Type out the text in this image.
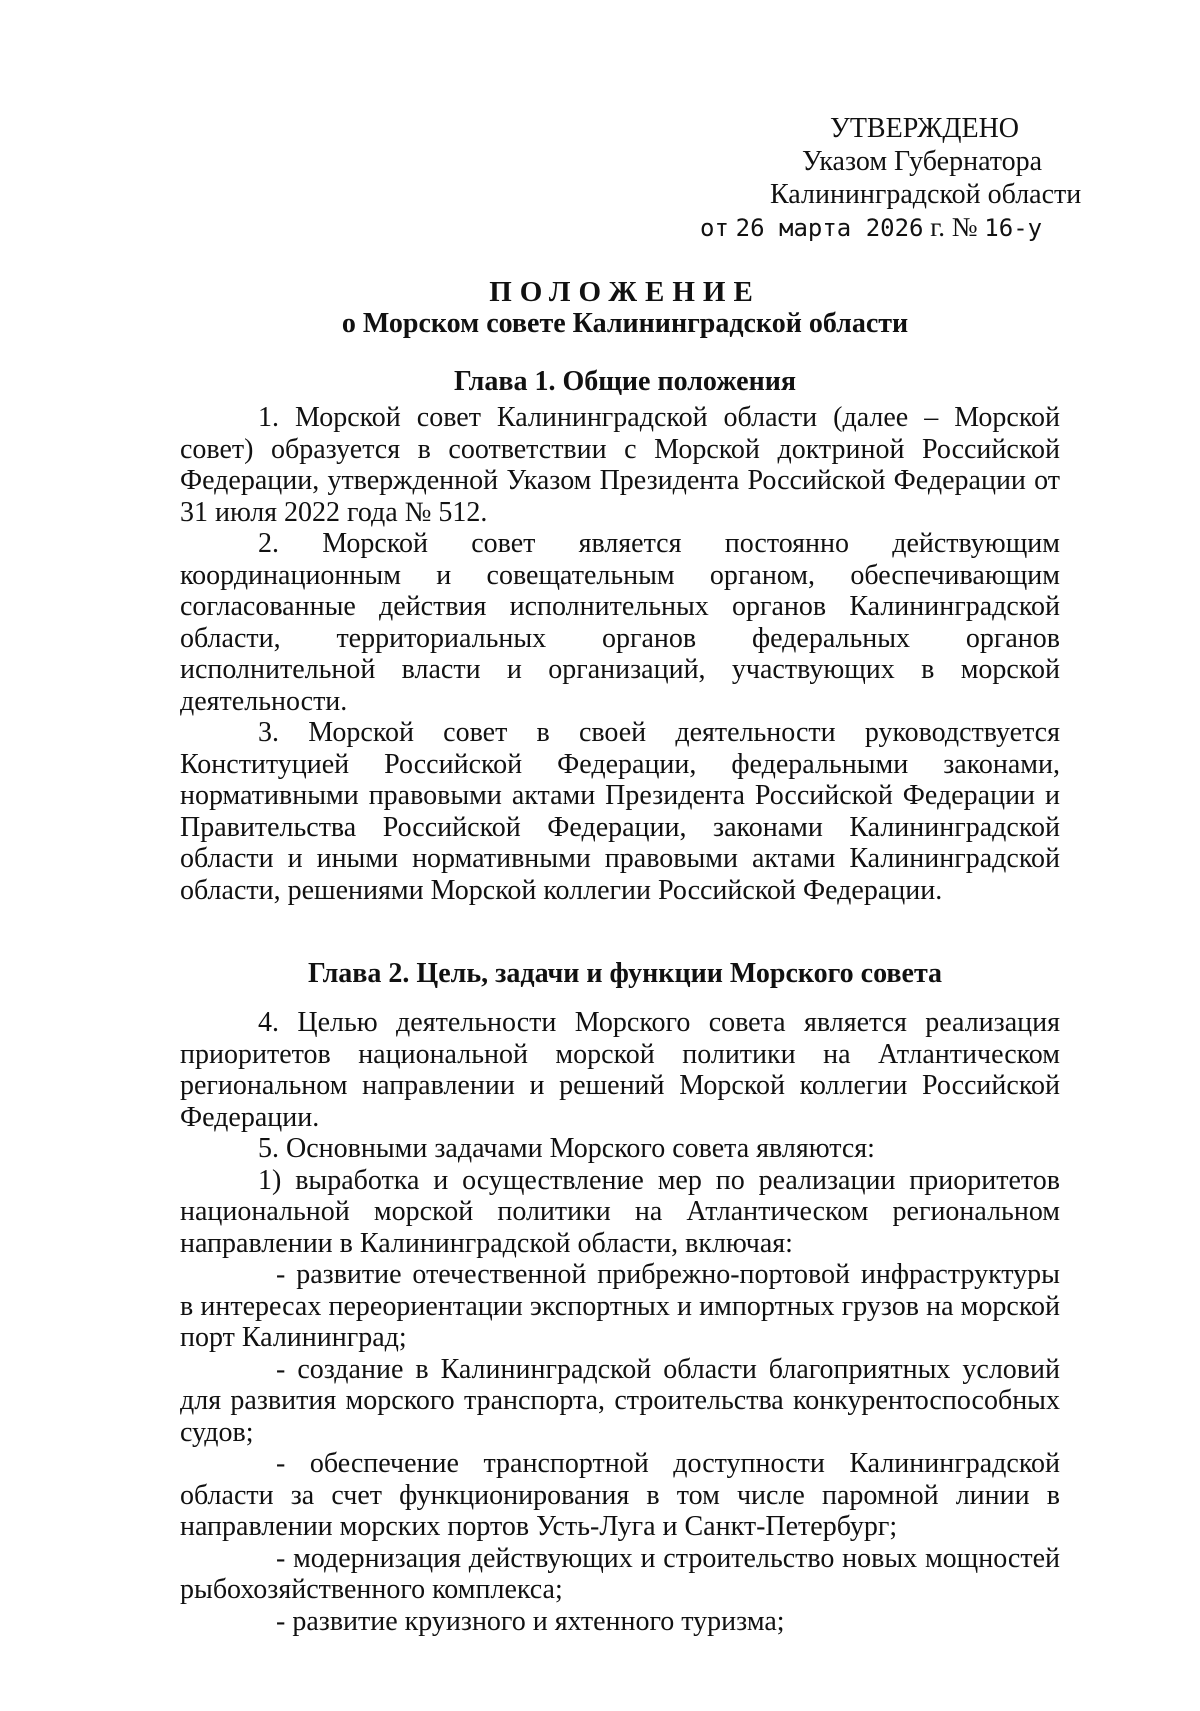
УТВЕРЖДЕНО
Указом Губернатора
Калининградской области
от 26 марта 2026 г. № 16-у
ПОЛОЖЕНИЕ
о Морском совете Калининградской области
Глава 1. Общие положения

1. Морской совет Калининградской области (далее – Морской совет) образуется в соответствии с Морской доктриной Российской Федерации, утвержденной Указом Президента Российской Федерации от 31 июля 2022 года № 512.

2. Морской совет является постоянно действующим координационным и совещательным органом, обеспечивающим согласованные действия исполнительных органов Калининградской области, территориальных органов федеральных органов исполнительной власти и организаций, участвующих в морской деятельности.

3. Морской совет в своей деятельности руководствуется Конституцией Российской Федерации, федеральными законами, нормативными правовыми актами Президента Российской Федерации и Правительства Российской Федерации, законами Калининградской области и иными нормативными правовыми актами Калининградской области, решениями Морской коллегии Российской Федерации.

Глава 2. Цель, задачи и функции Морского совета

4. Целью деятельности Морского совета является реализация приоритетов национальной морской политики на Атлантическом региональном направлении и решений Морской коллегии Российской Федерации.

5. Основными задачами Морского совета являются:

1) выработка и осуществление мер по реализации приоритетов национальной морской политики на Атлантическом региональном направлении в Калининградской области, включая:

- развитие отечественной прибрежно-портовой инфраструктуры в интересах переориентации экспортных и импортных грузов на морской порт Калининград;

- создание в Калининградской области благоприятных условий для развития морского транспорта, строительства конкурентоспособных судов;

- обеспечение транспортной доступности Калининградской области за счет функционирования в том числе паромной линии в направлении морских портов Усть-Луга и Санкт-Петербург;

- модернизация действующих и строительство новых мощностей рыбохозяйственного комплекса;

- развитие круизного и яхтенного туризма;
